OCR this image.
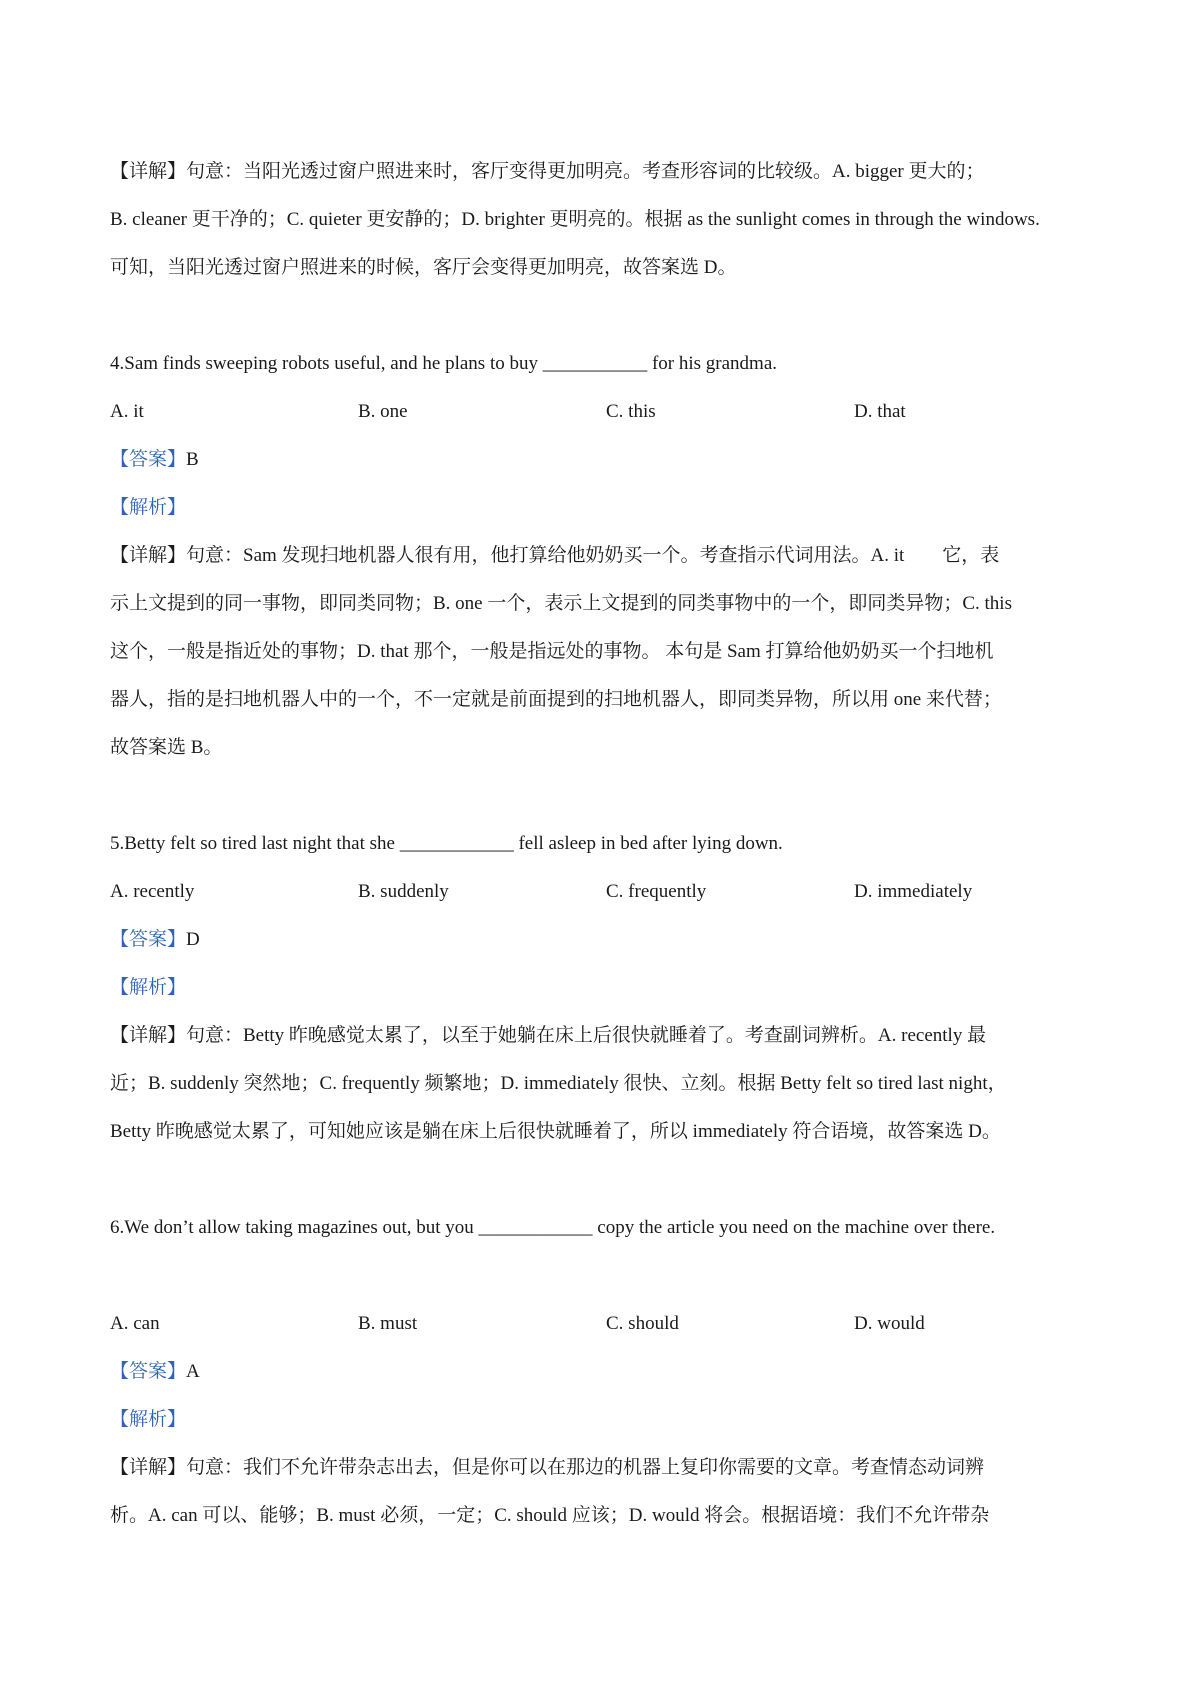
【详解】句意：当阳光透过窗户照进来时，客厅变得更加明亮。考查形容词的比较级。A. bigger 更大的；

B. cleaner 更干净的；C. quieter 更安静的；D. brighter 更明亮的。根据 as the sunlight comes in through the windows.

可知，当阳光透过窗户照进来的时候，客厅会变得更加明亮，故答案选 D。

4.Sam finds sweeping robots useful, and he plans to buy ___________ for his grandma.

A. it	B. one	C. this	D. that

【答案】B

【解析】

【详解】句意：Sam 发现扫地机器人很有用，他打算给他奶奶买一个。考查指示代词用法。A. it　　它，表

示上文提到的同一事物，即同类同物；B. one 一个，表示上文提到的同类事物中的一个，即同类异物；C. this

这个，一般是指近处的事物；D. that 那个，一般是指远处的事物。 本句是 Sam 打算给他奶奶买一个扫地机

器人，指的是扫地机器人中的一个，不一定就是前面提到的扫地机器人，即同类异物，所以用 one 来代替；

故答案选 B。

5.Betty felt so tired last night that she ____________ fell asleep in bed after lying down.

A. recently	B. suddenly	C. frequently	D. immediately

【答案】D

【解析】

【详解】句意：Betty 昨晚感觉太累了，以至于她躺在床上后很快就睡着了。考查副词辨析。A. recently 最

近；B. suddenly 突然地；C. frequently 频繁地；D. immediately 很快、立刻。根据 Betty felt so tired last night，

Betty 昨晚感觉太累了，可知她应该是躺在床上后很快就睡着了，所以 immediately 符合语境，故答案选 D。

6.We don’t allow taking magazines out, but you ____________ copy the article you need on the machine over there.

A. can	B. must	C. should	D. would

【答案】A

【解析】

【详解】句意：我们不允许带杂志出去，但是你可以在那边的机器上复印你需要的文章。考查情态动词辨

析。A. can 可以、能够；B. must 必须，一定；C. should 应该；D. would 将会。根据语境：我们不允许带杂
